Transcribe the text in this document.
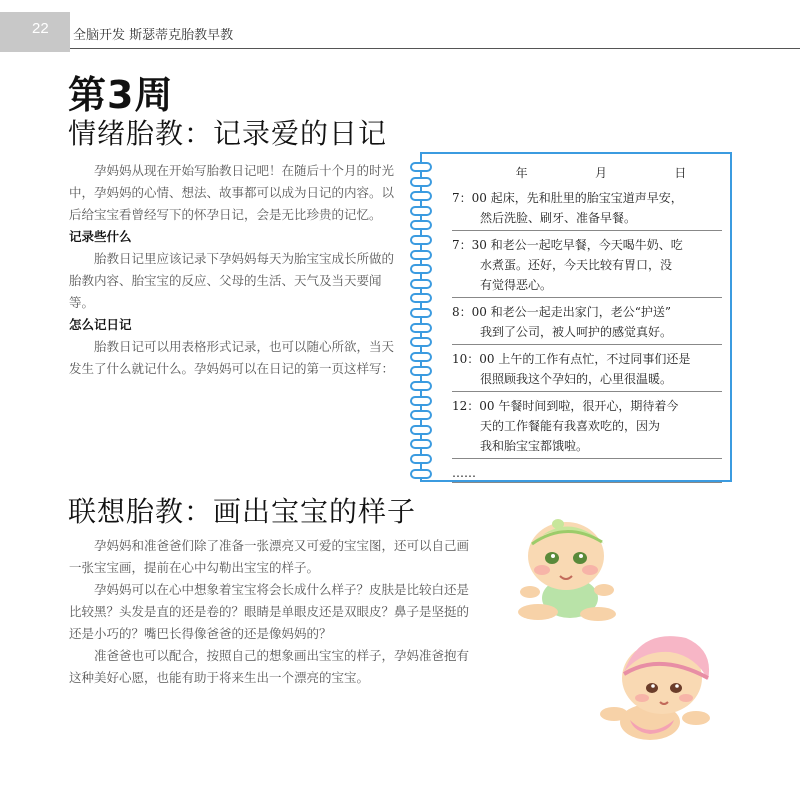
22 全脑开发 斯瑟蒂克胎教早教
第3周
情绪胎教：记录爱的日记

孕妈妈从现在开始写胎教日记吧！在随后十个月的时光中，孕妈妈的心情、想法、故事都可以成为日记的内容。以后给宝宝看曾经写下的怀孕日记，会是无比珍贵的记忆。

记录些什么

胎教日记里应该记录下孕妈妈每天为胎宝宝成长所做的胎教内容、胎宝宝的反应、父母的生活、天气及当天要闻等。

怎么记日记

胎教日记可以用表格形式记录，也可以随心所欲，当天发生了什么就记什么。孕妈妈可以在日记的第一页这样写：

年	月	日
7：00 起床，先和肚里的胎宝宝道声早安，
然后洗脸、刷牙、准备早餐。
7：30 和老公一起吃早餐，今天喝牛奶、吃
水煮蛋。还好，今天比较有胃口，没
有觉得恶心。
8：00 和老公一起走出家门，老公“护送”
我到了公司，被人呵护的感觉真好。
10：00 上午的工作有点忙，不过同事们还是
很照顾我这个孕妇的，心里很温暖。
12：00 午餐时间到啦，很开心，期待着今
天的工作餐能有我喜欢吃的，因为
我和胎宝宝都饿啦。
……
联想胎教：画出宝宝的样子

孕妈妈和准爸爸们除了准备一张漂亮又可爱的宝宝图，还可以自己画一张宝宝画，提前在心中勾勒出宝宝的样子。

孕妈妈可以在心中想象着宝宝将会长成什么样子？皮肤是比较白还是比较黑？头发是直的还是卷的？眼睛是单眼皮还是双眼皮？鼻子是坚挺的还是小巧的？嘴巴长得像爸爸的还是像妈妈的？

准爸爸也可以配合，按照自己的想象画出宝宝的样子，孕妈准爸抱有这种美好心愿，也能有助于将来生出一个漂亮的宝宝。
